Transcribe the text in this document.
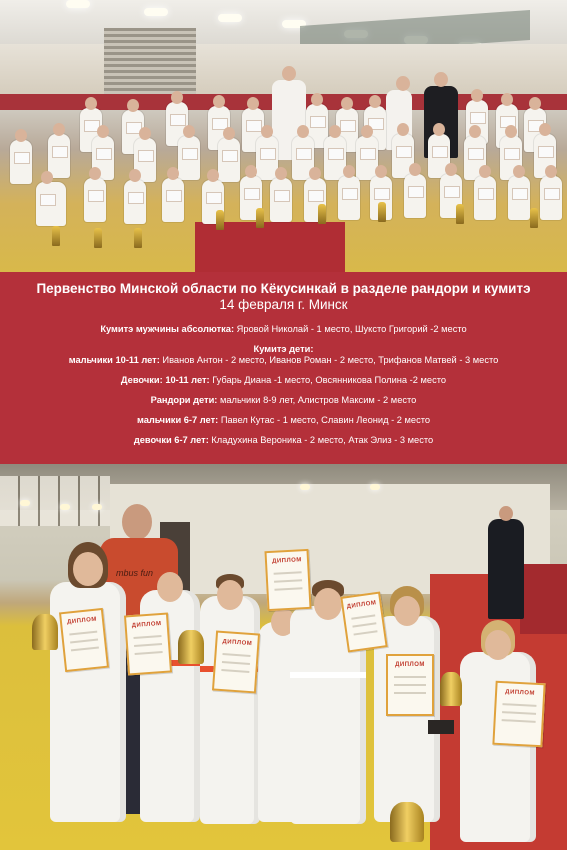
Первенство Минской области по Кёкусинкай в разделе рандори и кумитэ

14 февраля г. Минск

Кумитэ мужчины абсолютка: Яровой Николай - 1 место, Шуксто Григорий -2 место
Кумитэ дети:
мальчики 10-11 лет: Иванов Антон - 2 место, Иванов Роман - 2 место, Трифанов Матвей - 3 место
Девочки: 10-11 лет: Губарь Диана -1 место, Овсянникова Полина -2 место
Рандори дети: мальчики 8-9 лет, Алистров Максим - 2 место
мальчики 6-7 лет: Павел Кутас - 1 место, Славин Леонид - 2 место
девочки 6-7 лет: Кладухина Вероника - 2 место, Атак Элиз - 3 место
mbus fun
ДИПЛОМ	ДИПЛОМ
ДИПЛОМ
ДИПЛОМ
ДИПЛОМ
ДИПЛОМ
ДИПЛОМ
